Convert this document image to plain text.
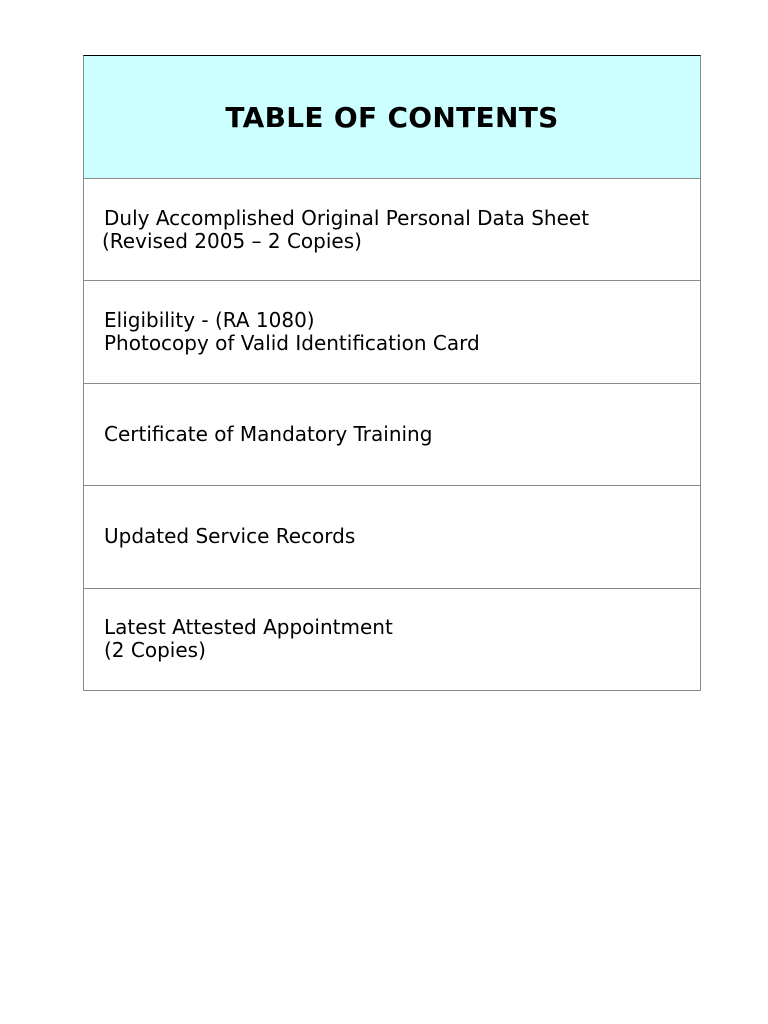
TABLE OF CONTENTS
Duly Accomplished Original Personal Data Sheet
(Revised 2005 – 2 Copies)
Eligibility - (RA 1080)
Photocopy of Valid Identification Card
Certificate of Mandatory Training
Updated Service Records
Latest Attested Appointment
(2 Copies)
